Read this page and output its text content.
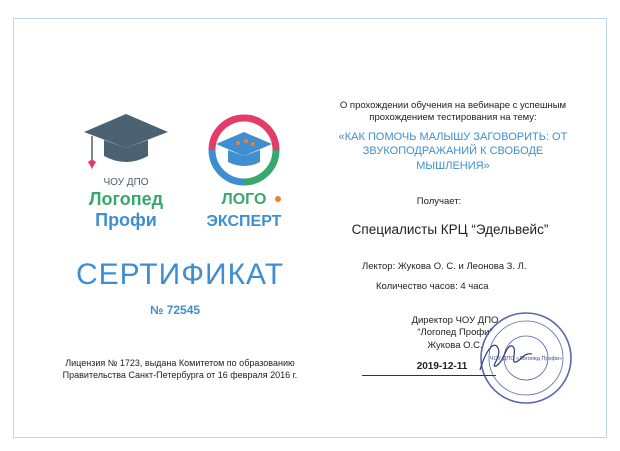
ЧОУ ДПО
Логопед
Профи
ЛОГО
ЭКСПЕРТ
СЕРТИФИКАТ
№ 72545
Лицензия № 1723, выдана Комитетом по образованию
Правительства Санкт-Петербурга от 16 февраля 2016 г.
О прохождении обучения на вебинаре с успешным
прохождением тестирования на тему:
«КАК ПОМОЧЬ МАЛЫШУ ЗАГОВОРИТЬ: ОТ
ЗВУКОПОДРАЖАНИЙ К СВОБОДЕ
МЫШЛЕНИЯ»
Получает:
Специалисты КРЦ “Эдельвейс”
Лектор: Жукова О. С. и Леонова З. Л.
Количество часов: 4 часа
Директор ЧОУ ДПО
“Логопед Профи”
Жукова О.С.
2019-12-11
ЧОУ ДПО «Логопед Профи»
